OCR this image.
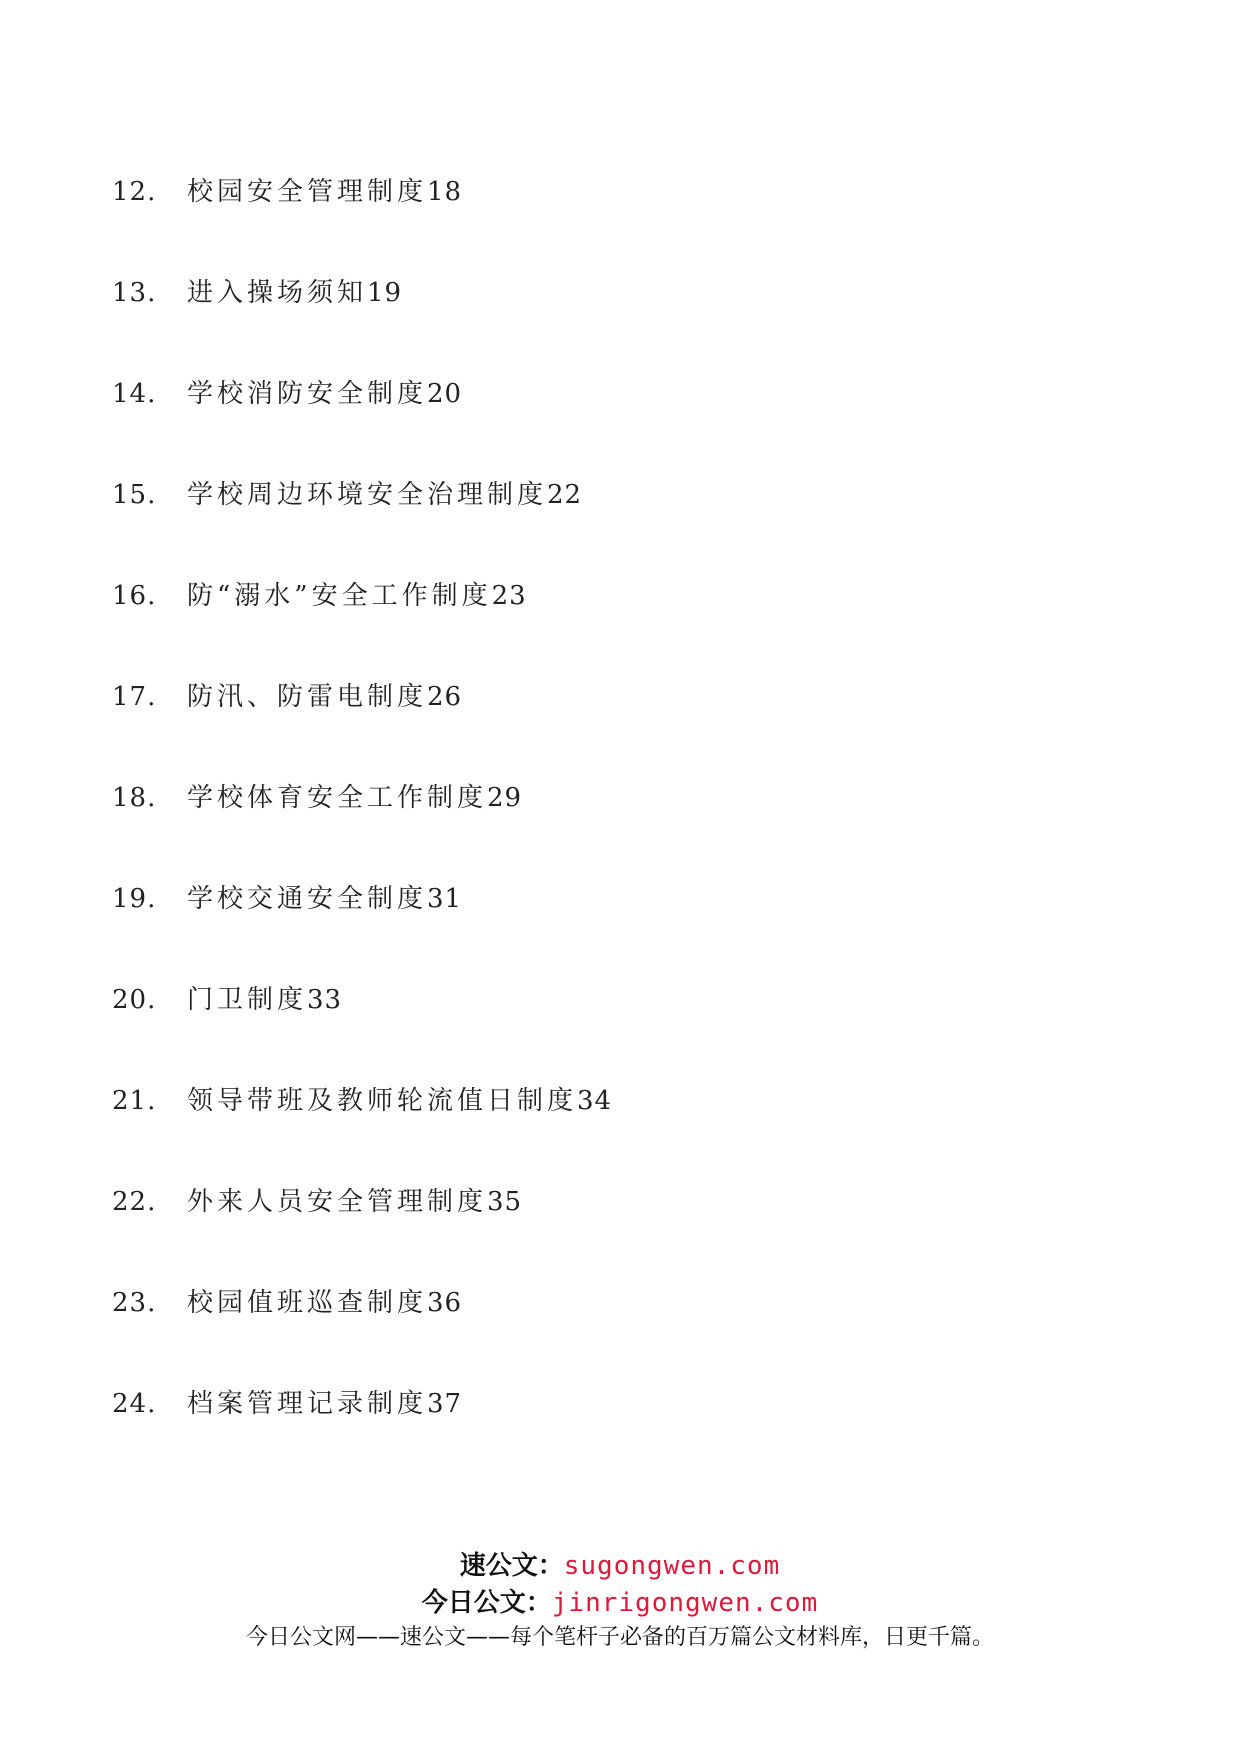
12.	校园安全管理制度 18
13.	进入操场须知 19
14.	学校消防安全制度 20
15.	学校周边环境安全治理制度 22
16.	防“溺水”安全工作制度 23
17.	防汛、防雷电制度 26
18.	学校体育安全工作制度 29
19.	学校交通安全制度 31
20.	门卫制度 33
21.	领导带班及教师轮流值日制度 34
22.	外来人员安全管理制度 35
23.	校园值班巡查制度 36
24.	档案管理记录制度 37
速公文：sugongwen.com
今日公文：jinrigongwen.com
今日公文网——速公文——每个笔杆子必备的百万篇公文材料库，日更千篇。
